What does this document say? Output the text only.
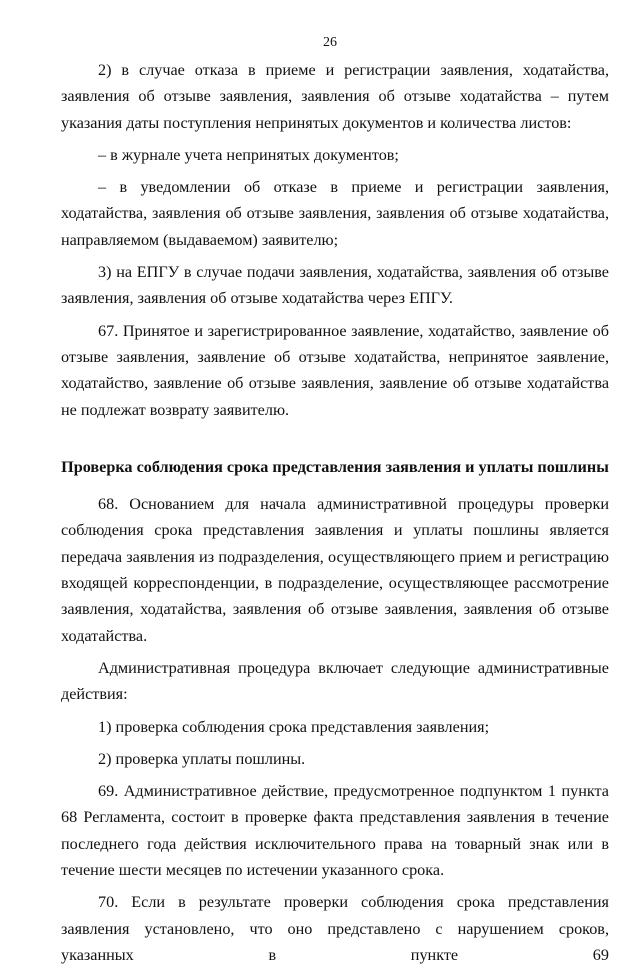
26

2) в случае отказа в приеме и регистрации заявления, ходатайства, заявления об отзыве заявления, заявления об отзыве ходатайства – путем указания даты поступления непринятых документов и количества листов:

– в журнале учета непринятых документов;

– в уведомлении об отказе в приеме и регистрации заявления, ходатайства, заявления об отзыве заявления, заявления об отзыве ходатайства, направляемом (выдаваемом) заявителю;

3) на ЕПГУ в случае подачи заявления, ходатайства, заявления об отзыве заявления, заявления об отзыве ходатайства через ЕПГУ.

67. Принятое и зарегистрированное заявление, ходатайство, заявление об отзыве заявления, заявление об отзыве ходатайства, непринятое заявление, ходатайство, заявление об отзыве заявления, заявление об отзыве ходатайства не подлежат возврату заявителю.

Проверка соблюдения срока представления заявления и уплаты пошлины

68. Основанием для начала административной процедуры проверки соблюдения срока представления заявления и уплаты пошлины является передача заявления из подразделения, осуществляющего прием и регистрацию входящей корреспонденции, в подразделение, осуществляющее рассмотрение заявления, ходатайства, заявления об отзыве заявления, заявления об отзыве ходатайства.

Административная процедура включает следующие административные действия:

1) проверка соблюдения срока представления заявления;

2) проверка уплаты пошлины.

69. Административное действие, предусмотренное подпунктом 1 пункта 68 Регламента, состоит в проверке факта представления заявления в течение последнего года действия исключительного права на товарный знак или в течение шести месяцев по истечении указанного срока.

70. Если в результате проверки соблюдения срока представления заявления установлено, что оно представлено с нарушением сроков, указанных в пункте 69
